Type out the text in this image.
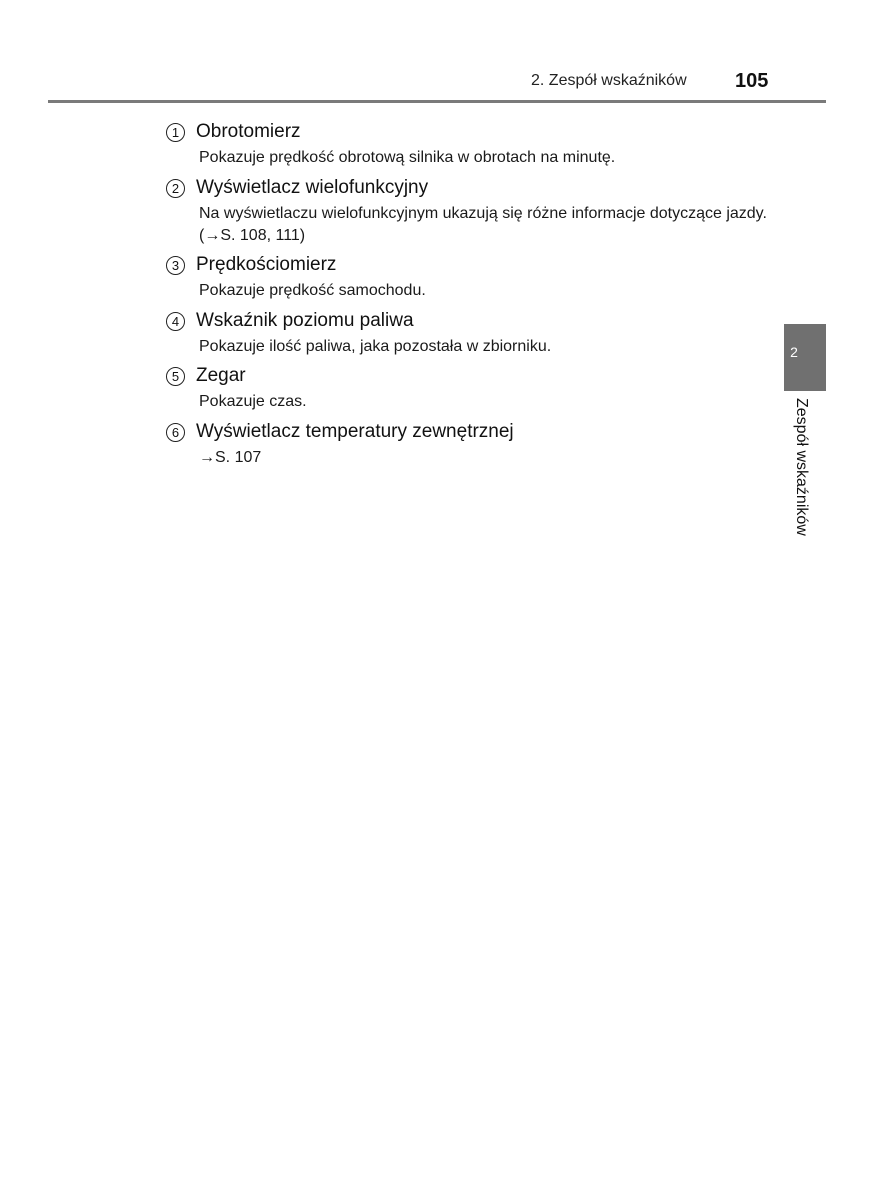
2. Zespół wskaźników 105
1 Obrotomierz
Pokazuje prędkość obrotową silnika w obrotach na minutę.
2 Wyświetlacz wielofunkcyjny
Na wyświetlaczu wielofunkcyjnym ukazują się różne informacje dotyczące jazdy. (→S. 108, 111)
3 Prędkościomierz
Pokazuje prędkość samochodu.
4 Wskaźnik poziomu paliwa
Pokazuje ilość paliwa, jaka pozostała w zbiorniku.
5 Zegar
Pokazuje czas.
6 Wyświetlacz temperatury zewnętrznej
→S. 107
2
Zespół wskaźników
